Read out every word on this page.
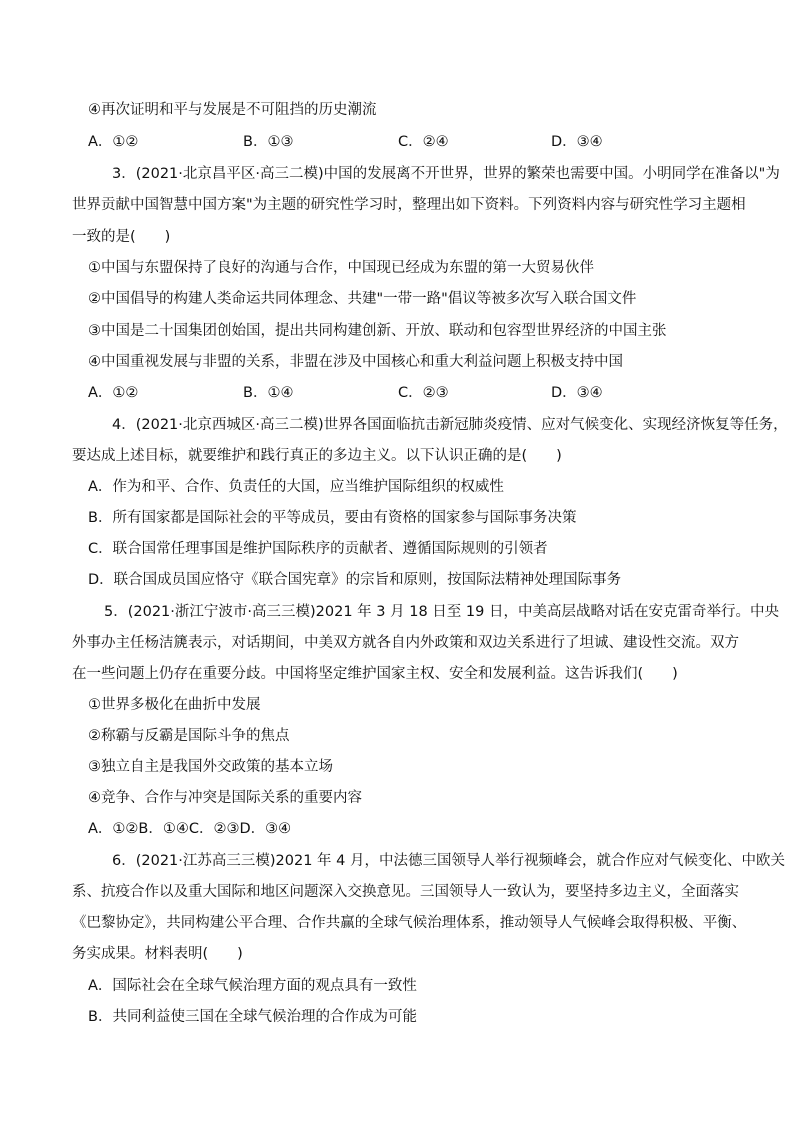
④再次证明和平与发展是不可阻挡的历史潮流
A．①②	B．①③	C．②④	D．③④
3．(2021·北京昌平区·高三二模)中国的发展离不开世界，世界的繁荣也需要中国。小明同学在准备以"为
世界贡献中国智慧中国方案"为主题的研究性学习时，整理出如下资料。下列资料内容与研究性学习主题相
一致的是(　　)
①中国与东盟保持了良好的沟通与合作，中国现已经成为东盟的第一大贸易伙伴
②中国倡导的构建人类命运共同体理念、共建"一带一路"倡议等被多次写入联合国文件
③中国是二十国集团创始国，提出共同构建创新、开放、联动和包容型世界经济的中国主张
④中国重视发展与非盟的关系，非盟在涉及中国核心和重大利益问题上积极支持中国
A．①②	B．①④	C．②③	D．③④
4．(2021·北京西城区·高三二模)世界各国面临抗击新冠肺炎疫情、应对气候变化、实现经济恢复等任务，
要达成上述目标，就要维护和践行真正的多边主义。以下认识正确的是(　　)
A．作为和平、合作、负责任的大国，应当维护国际组织的权威性
B．所有国家都是国际社会的平等成员，要由有资格的国家参与国际事务决策
C．联合国常任理事国是维护国际秩序的贡献者、遵循国际规则的引领者
D．联合国成员国应恪守《联合国宪章》的宗旨和原则，按国际法精神处理国际事务
5．(2021·浙江宁波市·高三三模)2021 年 3 月 18 日至 19 日，中美高层战略对话在安克雷奇举行。中央
外事办主任杨洁篪表示，对话期间，中美双方就各自内外政策和双边关系进行了坦诚、建设性交流。双方
在一些问题上仍存在重要分歧。中国将坚定维护国家主权、安全和发展利益。这告诉我们(　　)
①世界多极化在曲折中发展
②称霸与反霸是国际斗争的焦点
③独立自主是我国外交政策的基本立场
④竞争、合作与冲突是国际关系的重要内容
A．①②B．①④C．②③D．③④
6．(2021·江苏高三三模)2021 年 4 月，中法德三国领导人举行视频峰会，就合作应对气候变化、中欧关
系、抗疫合作以及重大国际和地区问题深入交换意见。三国领导人一致认为，要坚持多边主义，全面落实
《巴黎协定》，共同构建公平合理、合作共赢的全球气候治理体系，推动领导人气候峰会取得积极、平衡、
务实成果。材料表明(　　)
A．国际社会在全球气候治理方面的观点具有一致性
B．共同利益使三国在全球气候治理的合作成为可能
